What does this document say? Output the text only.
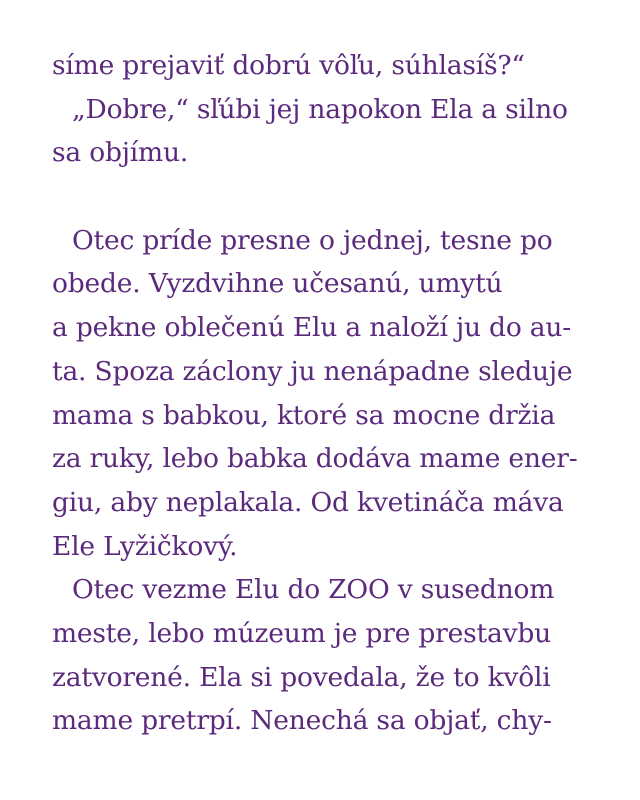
síme prejaviť dobrú vôľu, súhlasíš?“
„Dobre,“ sľúbi jej napokon Ela a silno
sa objímu.
Otec príde presne o jednej, tesne po
obede. Vyzdvihne učesanú, umytú
a pekne oblečenú Elu a naloží ju do au-
ta. Spoza záclony ju nenápadne sleduje
mama s babkou, ktoré sa mocne držia
za ruky, lebo babka dodáva mame ener-
giu, aby neplakala. Od kvetináča máva
Ele Lyžičkový.
Otec vezme Elu do ZOO v susednom
meste, lebo múzeum je pre prestavbu
zatvorené. Ela si povedala, že to kvôli
mame pretrpí. Nenechá sa objať, chy-
